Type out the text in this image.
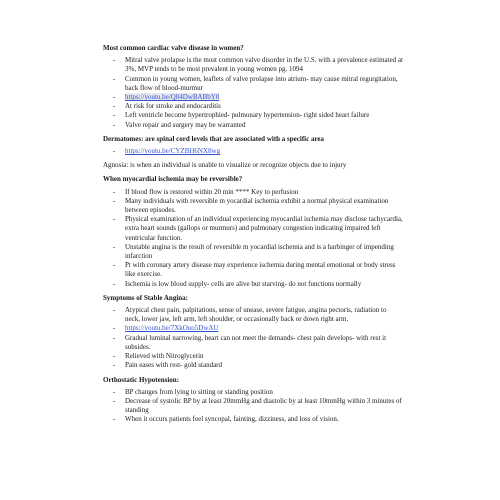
Most common cardiac valve disease in women?

- Mitral valve prolapse is the most common valve disorder in the U.S. with a prevalence estimated at 3%, MVP tends to be most prevalent in young women pg. 1094
- Common in young women, leaflets of valve prolapse into atrium- may cause mitral regurgitation, back flow of blood-murmur
- https://youtu.be/Q84DwBABbY0
- At risk for stroke and endocarditis
- Left ventricle become hypertrophied- pulmonary hypertension- right sided heart failure
- Valve repair and surgery may be warranted

Dermatomes: are spinal cord levels that are associated with a specific area

- https://youtu.be/CYZBH6NX8wg

Agnosia: is when an individual is unable to visualize or recognize objects due to injury

When myocardial ischemia may be reversible?

- If blood flow is restored within 20 min **** Key to perfusion
- Many individuals with reversible m yocardial ischemia exhibit a normal physical examination between episodes.
- Physical examination of an individual experiencing myocardial ischemia may disclose tachycardia, extra heart sounds (gallops or murmurs) and pulmonary congestion indicating impaired left ventricular function.
- Unstable angina is the result of reversible m yocardial ischemia and is a harbinger of impending infarction
- Pt with coronary artery disease may experience ischemia during mental emotional or body stress like exercise.
- Ischemia is low blood supply- cells are alive but starving- do not functions normally

Symptoms of Stable Angina:

- Atypical chest pain, palpitations, sense of unease, severe fatigue, angina pectoris, radiation to neck, lower jaw, left arm, left shoulder, or occasionally back or down right arm.
- https://youtu.be/7XkOuo5DwAU
- Gradual luminal narrowing, heart can not meet the demands- chest pain develops- with rest it subsides.
- Relieved with Nitroglycerin
- Pain eases with rest- gold standard

Orthostatic Hypotension:

- BP changes from lying to sitting or standing position
- Decrease of systolic BP by at least 20mmHg and diastolic by at least 10mmHg within 3 minutes of standing
- When it occurs patients feel syncopal, fainting, dizziness, and loss of vision.
